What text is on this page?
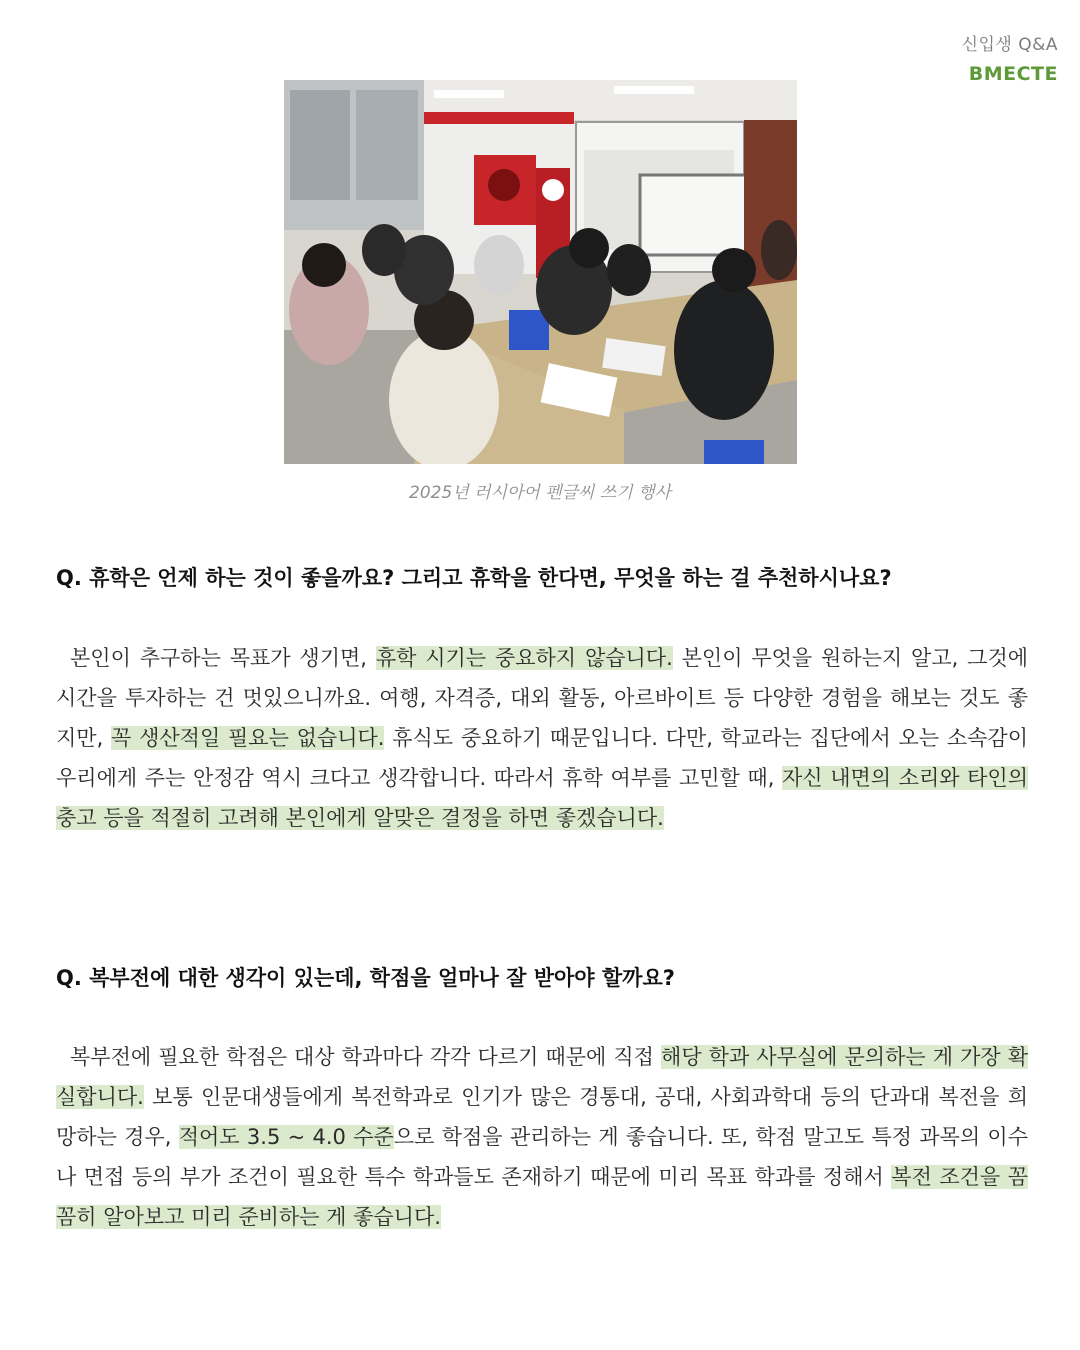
신입생 Q&A
BMECTE
2025년 러시아어 펜글씨 쓰기 행사
Q. 휴학은 언제 하는 것이 좋을까요? 그리고 휴학을 한다면, 무엇을 하는 걸 추천하시나요?
본인이 추구하는 목표가 생기면, 휴학 시기는 중요하지 않습니다. 본인이 무엇을 원하는지 알고, 그것에 시간을 투자하는 건 멋있으니까요. 여행, 자격증, 대외 활동, 아르바이트 등 다양한 경험을 해보는 것도 좋지만, 꼭 생산적일 필요는 없습니다. 휴식도 중요하기 때문입니다. 다만, 학교라는 집단에서 오는 소속감이 우리에게 주는 안정감 역시 크다고 생각합니다. 따라서 휴학 여부를 고민할 때, 자신 내면의 소리와 타인의 충고 등을 적절히 고려해 본인에게 알맞은 결정을 하면 좋겠습니다.
Q. 복부전에 대한 생각이 있는데, 학점을 얼마나 잘 받아야 할까요?
복부전에 필요한 학점은 대상 학과마다 각각 다르기 때문에 직접 해당 학과 사무실에 문의하는 게 가장 확실합니다. 보통 인문대생들에게 복전학과로 인기가 많은 경통대, 공대, 사회과학대 등의 단과대 복전을 희망하는 경우, 적어도 3.5 ~ 4.0 수준으로 학점을 관리하는 게 좋습니다. 또, 학점 말고도 특정 과목의 이수나 면접 등의 부가 조건이 필요한 특수 학과들도 존재하기 때문에 미리 목표 학과를 정해서 복전 조건을 꼼꼼히 알아보고 미리 준비하는 게 좋습니다.
